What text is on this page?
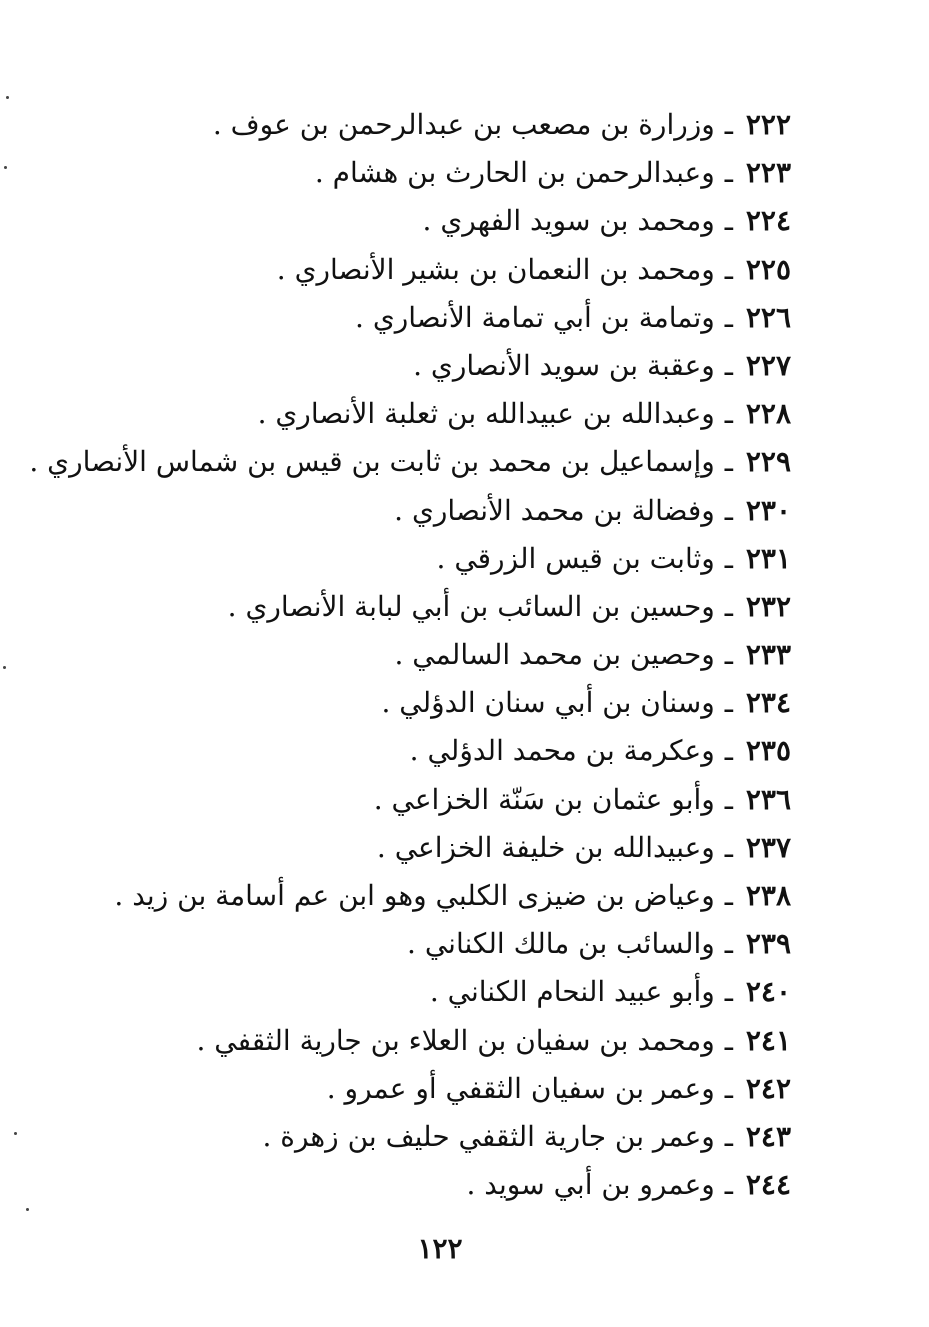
٢٢٢ـوزرارة بن مصعب بن عبدالرحمن بن عوف .
٢٢٣ـوعبدالرحمن بن الحارث بن هشام .
٢٢٤ـومحمد بن سويد الفهري .
٢٢٥ـومحمد بن النعمان بن بشير الأنصاري .
٢٢٦ـوتمامة بن أبي تمامة الأنصاري .
٢٢٧ـوعقبة بن سويد الأنصاري .
٢٢٨ـوعبدالله بن عبيدالله بن ثعلبة الأنصاري .
٢٢٩ـوإسماعيل بن محمد بن ثابت بن قيس بن شماس الأنصاري .
٢٣٠ـوفضالة بن محمد الأنصاري .
٢٣١ـوثابت بن قيس الزرقي .
٢٣٢ـوحسين بن السائب بن أبي لبابة الأنصاري .
٢٣٣ـوحصين بن محمد السالمي .
٢٣٤ـوسنان بن أبي سنان الدؤلي .
٢٣٥ـوعكرمة بن محمد الدؤلي .
٢٣٦ـوأبو عثمان بن سَنّة الخزاعي .
٢٣٧ـوعبيدالله بن خليفة الخزاعي .
٢٣٨ـوعياض بن ضيزى الكلبي وهو ابن عم أسامة بن زيد .
٢٣٩ـوالسائب بن مالك الكناني .
٢٤٠ـوأبو عبيد النحام الكناني .
٢٤١ـومحمد بن سفيان بن العلاء بن جارية الثقفي .
٢٤٢ـوعمر بن سفيان الثقفي أو عمرو .
٢٤٣ـوعمر بن جارية الثقفي حليف بن زهرة .
٢٤٤ـوعمرو بن أبي سويد .
١٢٢
